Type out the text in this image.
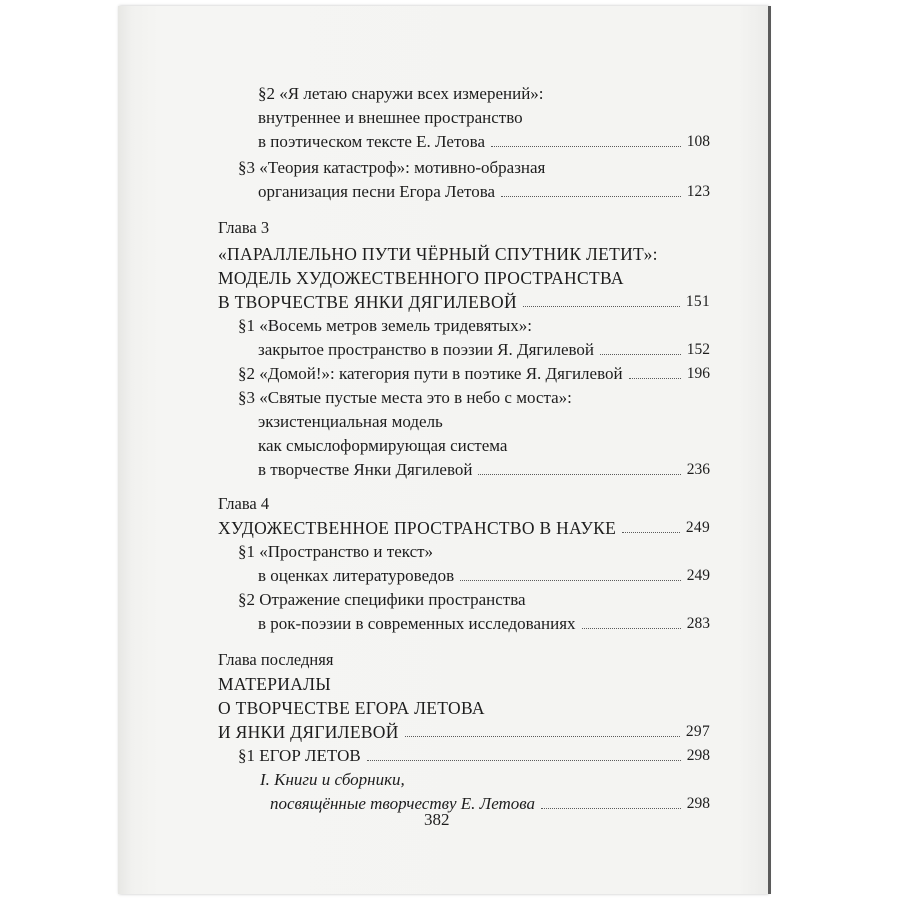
§2 «Я летаю снаружи всех измерений»:
внутреннее и внешнее пространство
в поэтическом тексте Е. Летова	108
§3 «Теория катастроф»: мотивно-образная
организация песни Егора Летова	123
Глава 3
«ПАРАЛЛЕЛЬНО ПУТИ ЧЁРНЫЙ СПУТНИК ЛЕТИТ»:
МОДЕЛЬ ХУДОЖЕСТВЕННОГО ПРОСТРАНСТВА
В ТВОРЧЕСТВЕ ЯНКИ ДЯГИЛЕВОЙ	151
§1 «Восемь метров земель тридевятых»:
закрытое пространство в поэзии Я. Дягилевой	152
§2 «Домой!»: категория пути в поэтике Я. Дягилевой	196
§3 «Святые пустые места это в небо с моста»:
экзистенциальная модель
как смыслоформирующая система
в творчестве Янки Дягилевой	236
Глава 4
ХУДОЖЕСТВЕННОЕ ПРОСТРАНСТВО В НАУКЕ	249
§1 «Пространство и текст»
в оценках литературоведов	249
§2 Отражение специфики пространства
в рок-поэзии в современных исследованиях	283
Глава последняя
МАТЕРИАЛЫ
О ТВОРЧЕСТВЕ ЕГОРА ЛЕТОВА
И ЯНКИ ДЯГИЛЕВОЙ	297
§1 ЕГОР ЛЕТОВ	298
I. Книги и сборники,
посвящённые творчеству Е. Летова	298
382
